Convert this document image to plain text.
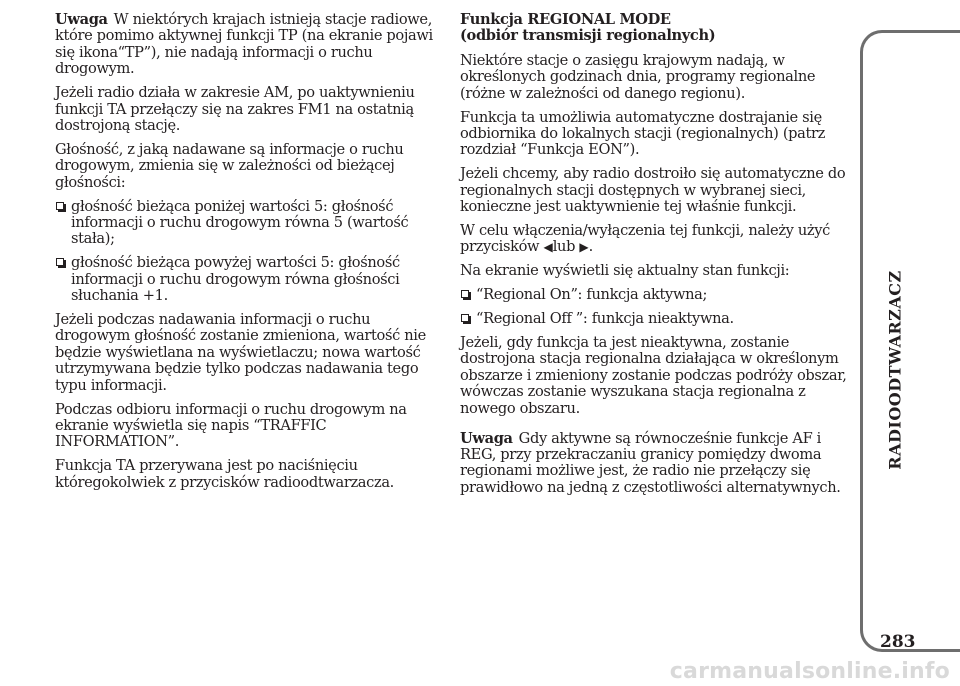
Uwaga W niektórych krajach istnieją stacje radiowe, które pomimo aktywnej funkcji TP (na ekranie pojawi się ikona“TP”), nie nadają informacji o ruchu drogowym.

Jeżeli radio działa w zakresie AM, po uaktywnieniu funkcji TA przełączy się na zakres FM1 na ostatnią dostrojoną stację.

Głośność, z jaką nadawane są informacje o ruchu drogowym, zmienia się w zależności od bieżącej głośności:

głośność bieżąca poniżej wartości 5: głośność informacji o ruchu drogowym równa 5 (wartość stała);
głośność bieżąca powyżej wartości 5: głośność informacji o ruchu drogowym równa głośności słuchania +1.

Jeżeli podczas nadawania informacji o ruchu drogowym głośność zostanie zmieniona, wartość nie będzie wyświetlana na wyświetlaczu; nowa wartość utrzymywana będzie tylko podczas nadawania tego typu informacji.

Podczas odbioru informacji o ruchu drogowym na ekranie wyświetla się napis “TRAFFIC INFORMATION”.

Funkcja TA przerywana jest po naciśnięciu któregokolwiek z przycisków radioodtwarzacza.

Funkcja REGIONAL MODE

(odbiór transmisji regionalnych)

Niektóre stacje o zasięgu krajowym nadają, w określonych godzinach dnia, programy regionalne (różne w zależności od danego regionu).

Funkcja ta umożliwia automatyczne dostrajanie się odbiornika do lokalnych stacji (regionalnych) (patrz rozdział “Funkcja EON”).

Jeżeli chcemy, aby radio dostroiło się automatyczne do regionalnych stacji dostępnych w wybranej sieci, konieczne jest uaktywnienie tej właśnie funkcji.

W celu włączenia/wyłączenia tej funkcji, należy użyć przycisków ◀lub ▶.

Na ekranie wyświetli się aktualny stan funkcji:

“Regional On”: funkcja aktywna;
“Regional Off ”: funkcja nieaktywna.

Jeżeli, gdy funkcja ta jest nieaktywna, zostanie dostrojona stacja regionalna działająca w określonym obszarze i zmieniony zostanie podczas podróży obszar, wówczas zostanie wyszukana stacja regionalna z nowego obszaru.

Uwaga Gdy aktywne są równocześnie funkcje AF i REG, przy przekraczaniu granicy pomiędzy dwoma regionami możliwe jest, że radio nie przełączy się prawidłowo na jedną z częstotliwości alternatywnych.

RADIOODTWARZACZ
283
carmanualsonline.info
